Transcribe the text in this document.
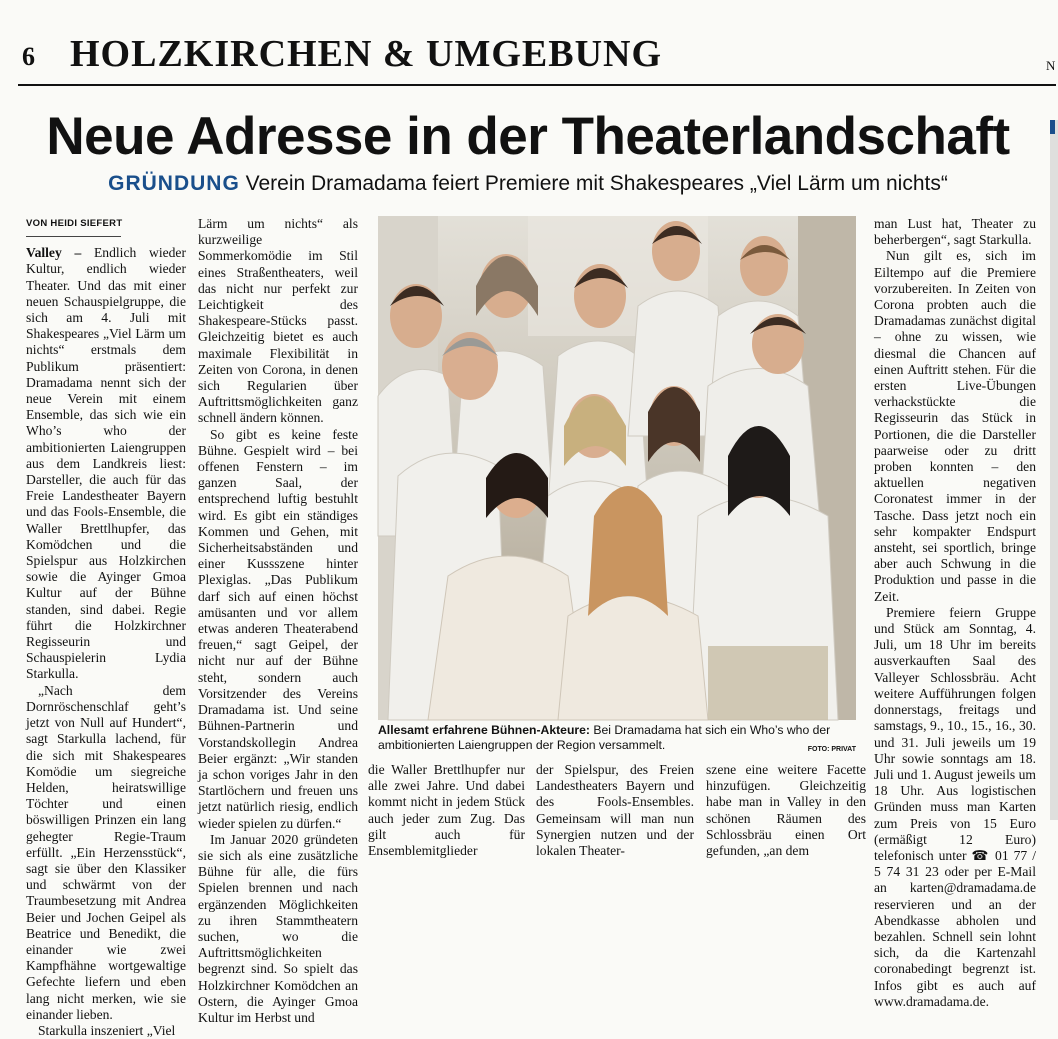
6 HOLZKIRCHEN & UMGEBUNG	N
Neue Adresse in der Theaterlandschaft
GRÜNDUNG Verein Dramadama feiert Premiere mit Shakespeares „Viel Lärm um nichts“
VON HEIDI SIEFERT

Valley – Endlich wieder Kultur, endlich wieder Theater. Und das mit einer neuen Schauspielgruppe, die sich am 4. Juli mit Shakespeares „Viel Lärm um nichts“ erstmals dem Publikum präsentiert: Dramadama nennt sich der neue Verein mit einem Ensemble, das sich wie ein Who’s who der ambitionierten Laiengruppen aus dem Landkreis liest: Darsteller, die auch für das Freie Landestheater Bayern und das Fools-Ensemble, die Waller Brettlhupfer, das Komödchen und die Spielspur aus Holzkirchen sowie die Ayinger Gmoa Kultur auf der Bühne standen, sind dabei. Regie führt die Holzkirchner Regisseurin und Schauspielerin Lydia Starkulla.

„Nach dem Dornröschenschlaf geht’s jetzt von Null auf Hundert“, sagt Starkulla lachend, für die sich mit Shakespeares Komödie um siegreiche Helden, heiratswillige Töchter und einen böswilligen Prinzen ein lang gehegter Regie-Traum erfüllt. „Ein Herzensstück“, sagt sie über den Klassiker und schwärmt von der Traumbesetzung mit Andrea Beier und Jochen Geipel als Beatrice und Benedikt, die einander wie zwei Kampfhähne wortgewaltige Gefechte liefern und eben lang nicht merken, wie sie einander lieben.

Starkulla inszeniert „Viel

Lärm um nichts“ als kurzweilige Sommerkomödie im Stil eines Straßentheaters, weil das nicht nur perfekt zur Leichtigkeit des Shakespeare-Stücks passt. Gleichzeitig bietet es auch maximale Flexibilität in Zeiten von Corona, in denen sich Regularien über Auftrittsmöglichkeiten ganz schnell ändern können.

So gibt es keine feste Bühne. Gespielt wird – bei offenen Fenstern – im ganzen Saal, der entsprechend luftig bestuhlt wird. Es gibt ein ständiges Kommen und Gehen, mit Sicherheitsabständen und einer Kussszene hinter Plexiglas. „Das Publikum darf sich auf einen höchst amüsanten und vor allem etwas anderen Theaterabend freuen,“ sagt Geipel, der nicht nur auf der Bühne steht, sondern auch Vorsitzender des Vereins Dramadama ist. Und seine Bühnen-Partnerin und Vorstandskollegin Andrea Beier ergänzt: „Wir standen ja schon voriges Jahr in den Startlöchern und freuen uns jetzt natürlich riesig, endlich wieder spielen zu dürfen.“

Im Januar 2020 gründeten sie sich als eine zusätzliche Bühne für alle, die fürs Spielen brennen und nach ergänzenden Möglichkeiten zu ihren Stammtheatern suchen, wo die Auftrittsmöglichkeiten begrenzt sind. So spielt das Holzkirchner Komödchen an Ostern, die Ayinger Gmoa Kultur im Herbst und

Allesamt erfahrene Bühnen-Akteure: Bei Dramadama hat sich ein Who’s who der ambitionierten Laiengruppen der Region versammelt.	FOTO: PRIVAT

die Waller Brettlhupfer nur alle zwei Jahre. Und dabei kommt nicht in jedem Stück auch jeder zum Zug. Das gilt auch für Ensemblemitglieder

der Spielspur, des Freien Landestheaters Bayern und des Fools-Ensembles. Gemeinsam will man nun Synergien nutzen und der lokalen Theater-

szene eine weitere Facette hinzufügen. Gleichzeitig habe man in Valley in den schönen Räumen des Schlossbräu einen Ort gefunden, „an dem

man Lust hat, Theater zu beherbergen“, sagt Starkulla.

Nun gilt es, sich im Eiltempo auf die Premiere vorzubereiten. In Zeiten von Corona probten auch die Dramadamas zunächst digital – ohne zu wissen, wie diesmal die Chancen auf einen Auftritt stehen. Für die ersten Live-Übungen verhackstückte die Regisseurin das Stück in Portionen, die die Darsteller paarweise oder zu dritt proben konnten – den aktuellen negativen Coronatest immer in der Tasche. Dass jetzt noch ein sehr kompakter Endspurt ansteht, sei sportlich, bringe aber auch Schwung in die Produktion und passe in die Zeit.

Premiere feiern Gruppe und Stück am Sonntag, 4. Juli, um 18 Uhr im bereits ausverkauften Saal des Valleyer Schlossbräu. Acht weitere Aufführungen folgen donnerstags, freitags und samstags, 9., 10., 15., 16., 30. und 31. Juli jeweils um 19 Uhr sowie sonntags am 18. Juli und 1. August jeweils um 18 Uhr. Aus logistischen Gründen muss man Karten zum Preis von 15 Euro (ermäßigt 12 Euro) telefonisch unter ☎ 01 77 / 5 74 31 23 oder per E-Mail an karten@dramadama.de reservieren und an der Abendkasse abholen und bezahlen. Schnell sein lohnt sich, da die Kartenzahl coronabedingt begrenzt ist. Infos gibt es auch auf www.dramadama.de.
